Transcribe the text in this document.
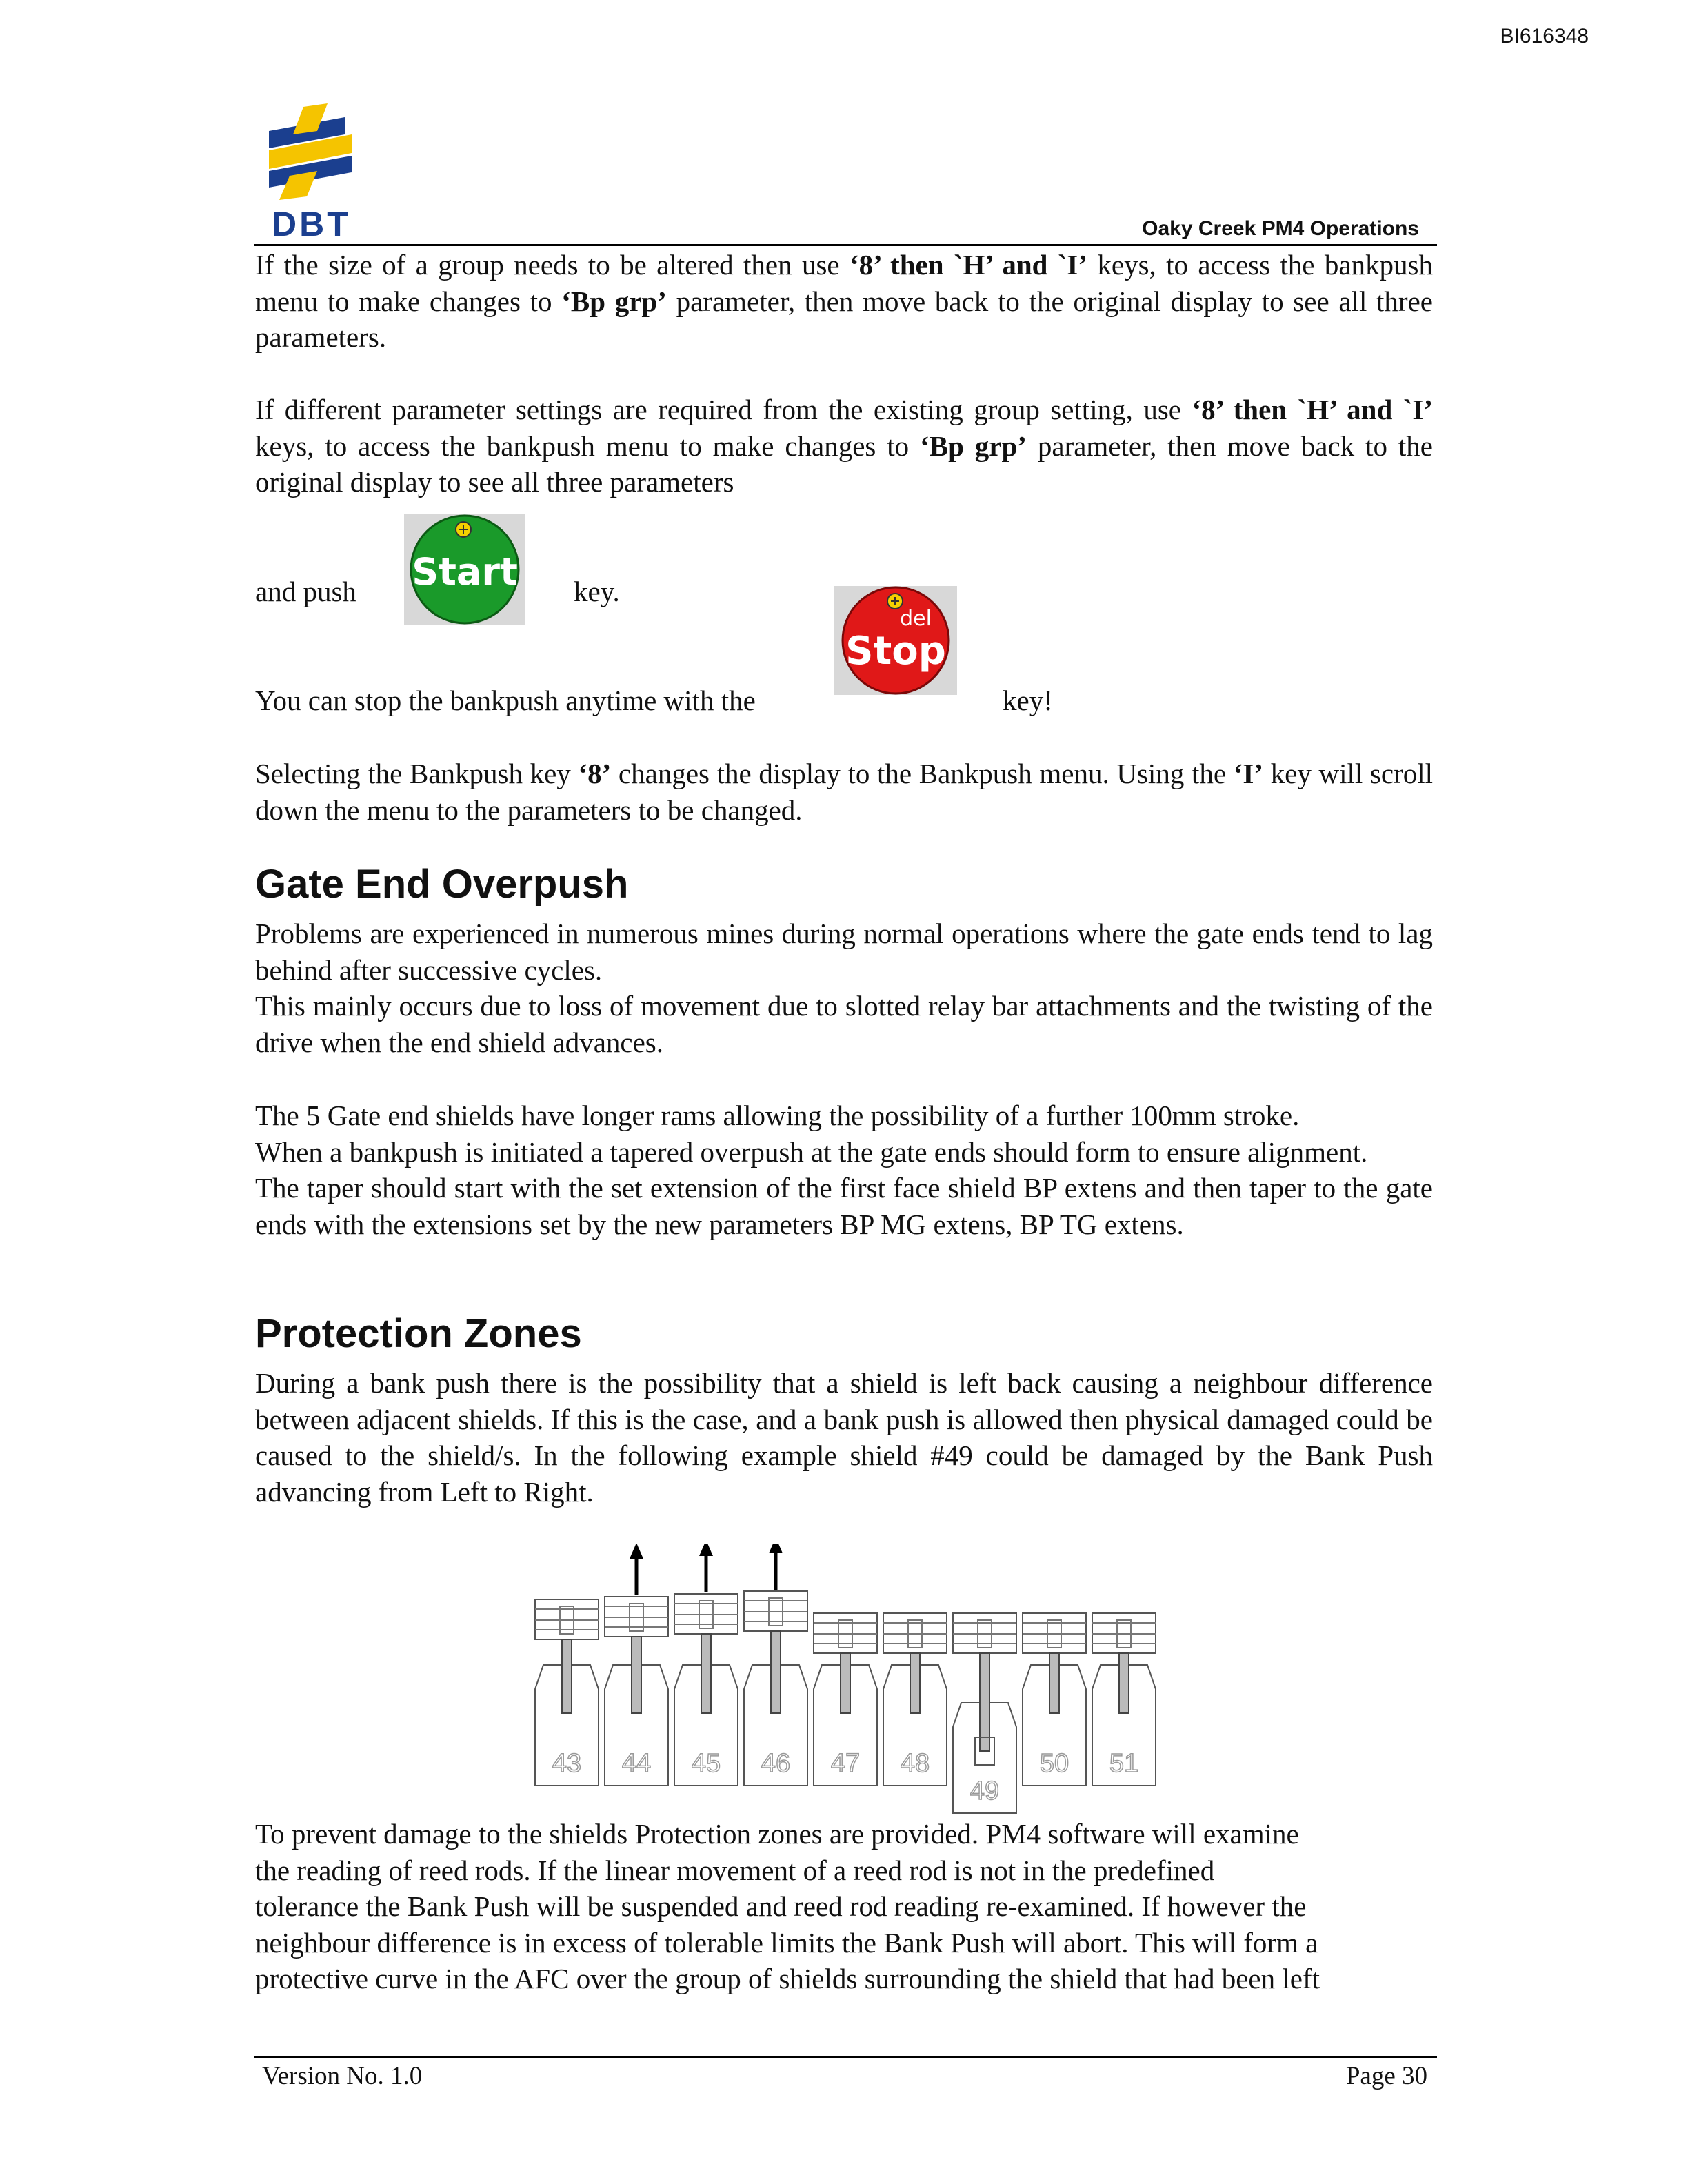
BI616348
DBT	Oaky Creek PM4 Operations

If the size of a group needs to be altered then use ‘8’ then `H’ and `I’ keys, to access the bankpush menu to make changes to ‘Bp grp’ parameter, then move back to the original display to see all three parameters.

If different parameter settings are required from the existing group setting, use ‘8’ then `H’ and `I’ keys, to access the bankpush menu to make changes to ‘Bp grp’ parameter, then move back to the original display to see all three parameters

and push Start key.
del
Stop
You can stop the bankpush anytime with the	key!

Selecting the Bankpush key ‘8’ changes the display to the Bankpush menu. Using the ‘I’ key will scroll down the menu to the parameters to be changed.

Gate End Overpush

Problems are experienced in numerous mines during normal operations where the gate ends tend to lag behind after successive cycles.

This mainly occurs due to loss of movement due to slotted relay bar attachments and the twisting of the drive when the end shield advances.

The 5 Gate end shields have longer rams allowing the possibility of a further 100mm stroke.

When a bankpush is initiated a tapered overpush at the gate ends should form to ensure alignment.

The taper should start with the set extension of the first face shield BP extens and then taper to the gate ends with the extensions set by the new parameters BP MG extens, BP TG extens.

Protection Zones

During a bank push there is the possibility that a shield is left back causing a neighbour difference between adjacent shields. If this is the case, and a bank push is allowed then physical damaged could be caused to the shield/s. In the following example shield #49 could be damaged by the Bank Push advancing from Left to Right.

43 44 45 46 47 48
49
50 51
To prevent damage to the shields Protection zones are provided. PM4 software will examine
the reading of reed rods. If the linear movement of a reed rod is not in the predefined
tolerance the Bank Push will be suspended and reed rod reading re-examined. If however the
neighbour difference is in excess of tolerable limits the Bank Push will abort. This will form a
protective curve in the AFC over the group of shields surrounding the shield that had been left
Version No. 1.0	Page 30
